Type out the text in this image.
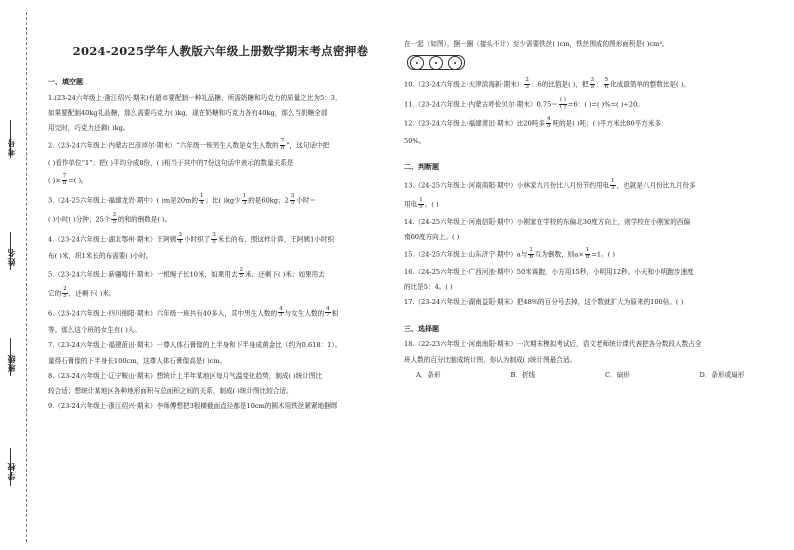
考号
姓名
班级
学校
2024-2025学年人教版六年级上册数学期末考点密押卷
一、填空题

1.(23-24六年级上·浙江绍兴·期末)有超市要配制一种礼品糖，所需奶糖和巧克力的质量之比为5：3，

如果要配制40kg礼品糖，那么需要巧克力( )kg，现在奶糖和巧克力各有40kg，那么当奶糖全部

用完时，巧克力还剩( )kg。

2.（23-24六年级上·内蒙古巴彦淖尔·期末）“六年级一班男生人数是女生人数的 $\frac{7}{8}$ ”，这句话中把

( )看作单位“1”；把( )平均分成8份，( )相当于其中的7份这句话中表示的数量关系是

( )× $\frac{7}{8}$ =( )。

3.（24-25六年级上·福建龙岩·期中）( )m是20m的 $\frac{1}{4}$ ；比( )kg少 $\frac{1}{3}$ 的是60kg；$2 \frac{3}{5}$ 小时＝

( )小时( )分钟；25个 $\frac{3}{5}$ 的和的倒数是( )。

4.（23-24六年级上·湖北鄂州·期末）王阿姨 $\frac{3}{4}$ 小时织了 $\frac{3}{5}$ 米长的布，照这样计算，王阿姨1小时织

布( )米，织1米长的布需要( )小时。

5.（23-24六年级上·新疆喀什·期末）一根绳子长10米，如果用去 $\frac{2}{5}$ 米，还剩下( )米；如果用去

它的 $\frac{2}{5}$ ，还剩下( )米。

6.（23-24六年级上·四川绵阳·期末）六年级一班共有40多人，其中男生人数的 $\frac{4}{5}$ 与女生人数的 $\frac{4}{7}$ 相

等。那么这个班的女生有( )人。

7.（23-24六年级上·福建莆田·期末）一尊人体石膏像的上半身和下半身成黄金比（约为0.618：1）。

量得石膏像的下半身长100cm，这尊人体石膏像高是( )cm。

8.（23-24六年级上·辽宁鞍山·期末）想统计上半年某地区每月气温变化趋势，制成( )统计图比

较合适；想统计某地区各种地形面积与总面积之间的关系，制成( )统计图比较合适。

9.（23-24六年级上·浙江绍兴·期末）李师傅想把3根横截面直径都是10cm的圆木用铁丝紧紧地捆绑

在一起（如图），捆一圈（接头不计）至少需要铁丝( )cm，铁丝围成的图形面积是( )cm²。

10.（23-24六年级上·天津滨海新·期末） $\frac{2}{3}$ ：6的比值是( )，把 $\frac{3}{5}$ ： $\frac{5}{6}$ 化成最简单的整数比是( )。

11.（23-24六年级上·内蒙古呼伦贝尔·期末）$0.75= \frac{( )}{( )} =6$：( )=( )%=( )÷20。

12.（23-24六年级上·福建莆田·期末）比20吨多 $\frac{4}{5}$ 吨的是( )吨；( )平方米比80平方米多

50%。

二、判断题

13.（24-25六年级上·河南南阳·期中）小林家九月份比八月份节约用电 $\frac{1}{5}$ ，也就是八月份比九月份多

用电 $\frac{1}{5}$ 。( )

14.（24-25六年级上·河南信阳·期中）小刚家在学校的东偏北30度方向上，则学校在小刚家的西偏

南60度方向上。( )

15.（24-25六年级上·山东济宁·期中）a与 $\frac{1}{b}$ 互为倒数，则$a\times \frac{1}{b} =1$。( )

16.（24-25六年级上·广西河池·期中）50米赛跑，小方用15秒，小明用12秒。小天和小明跑步速度

的比是5：4。( )

17.（23-24六年级上·湖南益阳·期末）把48%的百分号去掉，这个数就扩大为原来的100倍。( )

三、选择题

18.（22-23六年级上·河南南阳·期末）一次期末模拟考试后，语文老师统计课代表把各分数段人数占全

班人数的百分比制成统计图，你认为制成( )统计图最合适。

A．条形	B．折线	C．扇形	D．条形或扇形
